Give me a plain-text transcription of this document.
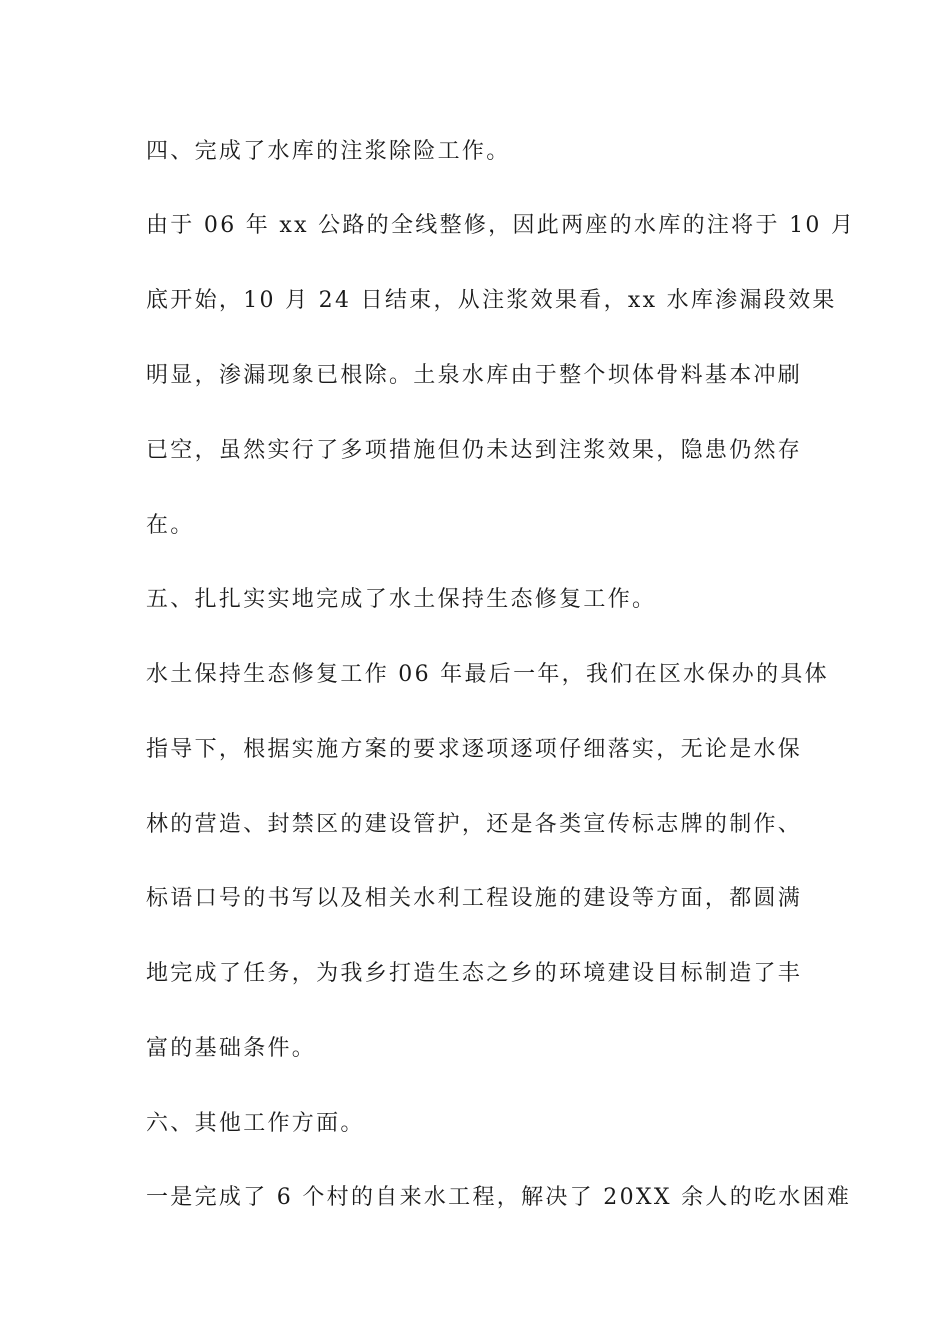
四、完成了水库的注浆除险工作。

由于 06 年 xx 公路的全线整修，因此两座的水库的注将于 10 月

底开始，10 月 24 日结束，从注浆效果看，xx 水库渗漏段效果

明显，渗漏现象已根除。土泉水库由于整个坝体骨料基本冲刷

已空，虽然实行了多项措施但仍未达到注浆效果，隐患仍然存

在。

五、扎扎实实地完成了水土保持生态修复工作。

水土保持生态修复工作 06 年最后一年，我们在区水保办的具体

指导下，根据实施方案的要求逐项逐项仔细落实，无论是水保

林的营造、封禁区的建设管护，还是各类宣传标志牌的制作、

标语口号的书写以及相关水利工程设施的建设等方面，都圆满

地完成了任务，为我乡打造生态之乡的环境建设目标制造了丰

富的基础条件。

六、其他工作方面。

一是完成了 6 个村的自来水工程，解决了 20XX 余人的吃水困难
